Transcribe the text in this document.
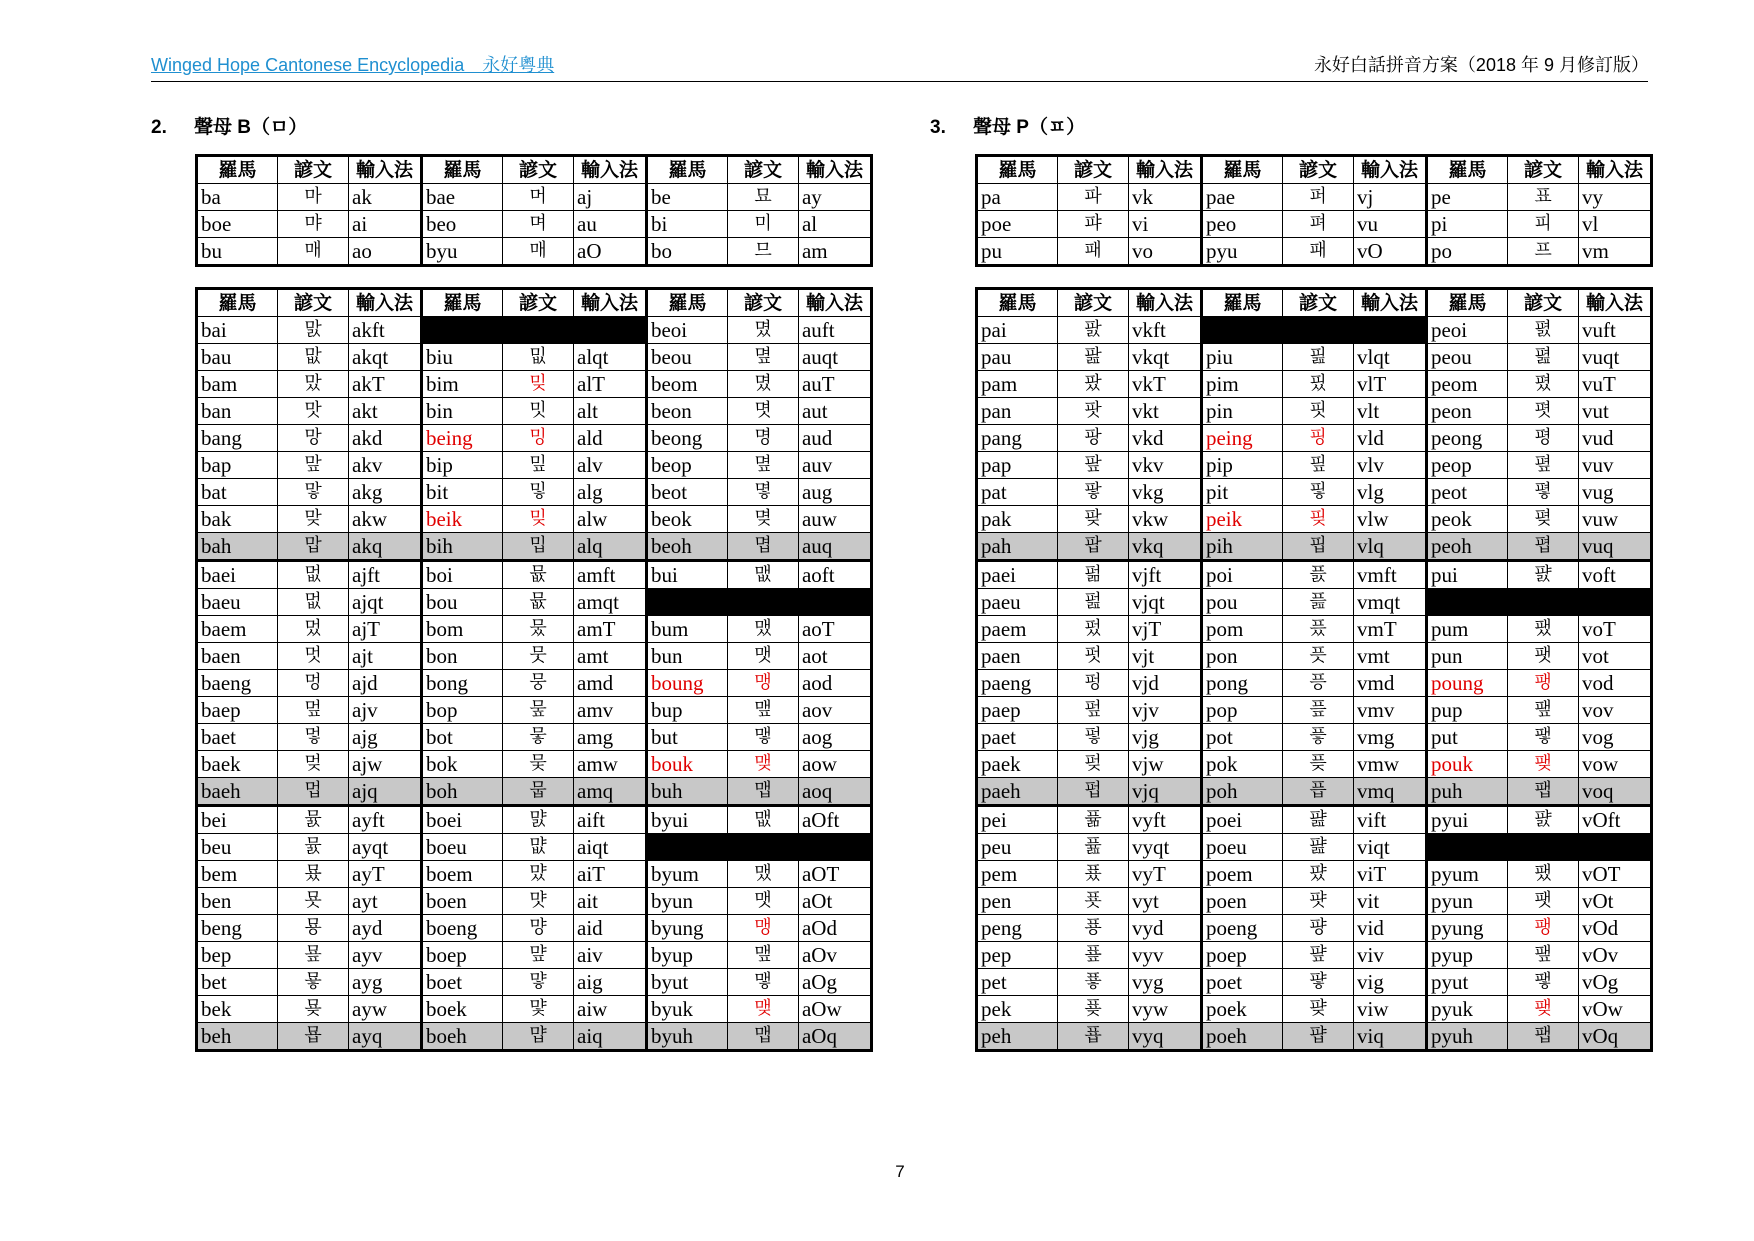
Winged Hope Cantonese Encyclopedia　永好粵典	永好白話拼音方案（2018 年 9 月修訂版）
2. 聲母 B（ㅁ）	3. 聲母 P（ㅍ）
羅馬	諺文	輸入法	羅馬	諺文	輸入法	羅馬	諺文	輸入法
ba	마	ak	bae	머	aj	be	묘	ay
boe	먀	ai	beo	며	au	bi	미	al
bu	매	ao	byu	매	aO	bo	므	am
羅馬	諺文	輸入法	羅馬	諺文	輸入法	羅馬	諺文	輸入法
bai	맔	akft				beoi	몄	auft
bau	맚	akqt	biu	밊	alqt	beou	몊	auqt
bam	맜	akT	bim	밎	alT	beom	몄	auT
ban	맛	akt	bin	밋	alt	beon	몃	aut
bang	망	akd	being	밍	ald	beong	명	aud
bap	맢	akv	bip	밒	alv	beop	몊	auv
bat	맣	akg	bit	밓	alg	beot	몋	aug
bak	맞	akw	beik	밎	alw	beok	몆	auw
bah	맙	akq	bih	밉	alq	beoh	몁	auq
baei	멊	ajft	boi	뮶	amft	bui	맶	aoft
baeu	멊	ajqt	bou	뮶	amqt			
baem	멌	ajT	bom	뭈	amT	bum	맸	aoT
baen	멋	ajt	bon	뭇	amt	bun	맷	aot
baeng	멍	ajd	bong	뭉	amd	boung	맹	aod
baep	멒	ajv	bop	뭎	amv	bup	맾	aov
baet	멓	ajg	bot	뭏	amg	but	맿	aog
baek	멎	ajw	bok	뭊	amw	bouk	맺	aow
baeh	멉	ajq	boh	뭅	amq	buh	맵	aoq
bei	뮰	ayft	boei	먌	aift	byui	맶	aOft
beu	뮰	ayqt	boeu	먒	aiqt			
bem	묬	ayT	boem	먔	aiT	byum	맸	aOT
ben	묫	ayt	boen	먓	ait	byun	맷	aOt
beng	묭	ayd	boeng	먕	aid	byung	맹	aOd
bep	묲	ayv	boep	먚	aiv	byup	맾	aOv
bet	묳	ayg	boet	먛	aig	byut	맿	aOg
bek	묮	ayw	boek	먗	aiw	byuk	맺	aOw
beh	묩	ayq	boeh	먑	aiq	byuh	맵	aOq
羅馬	諺文	輸入法	羅馬	諺文	輸入法	羅馬	諺文	輸入法
pa	파	vk	pae	퍼	vj	pe	표	vy
poe	퍄	vi	peo	펴	vu	pi	피	vl
pu	패	vo	pyu	패	vO	po	프	vm
羅馬	諺文	輸入法	羅馬	諺文	輸入法	羅馬	諺文	輸入法
pai	팘	vkft				peoi	폀	vuft
pau	팚	vkqt	piu	핊	vlqt	peou	폂	vuqt
pam	팠	vkT	pim	핐	vlT	peom	폈	vuT
pan	팟	vkt	pin	핏	vlt	peon	폇	vut
pang	팡	vkd	peing	핑	vld	peong	평	vud
pap	팦	vkv	pip	핖	vlv	peop	폎	vuv
pat	팧	vkg	pit	핗	vlg	peot	폏	vug
pak	팢	vkw	peik	핒	vlw	peok	폊	vuw
pah	팝	vkq	pih	핍	vlq	peoh	폅	vuq
paei	펆	vjft	poi	픐	vmft	pui	퍐	voft
paeu	펊	vjqt	pou	픒	vmqt			
paem	펐	vjT	pom	픘	vmT	pum	팼	voT
paen	펏	vjt	pon	픗	vmt	pun	팻	vot
paeng	펑	vjd	pong	픙	vmd	poung	팽	vod
paep	펖	vjv	pop	픞	vmv	pup	퍂	vov
paet	펗	vjg	pot	픟	vmg	put	퍃	vog
paek	펒	vjw	pok	픚	vmw	pouk	팾	vow
paeh	펍	vjq	poh	픕	vmq	puh	팹	voq
pei	퓲	vyft	poei	퍒	vift	pyui	퍐	vOft
peu	퓶	vyqt	poeu	퍒	viqt			
pem	푰	vyT	poem	퍘	viT	pyum	팼	vOT
pen	푯	vyt	poen	퍗	vit	pyun	팻	vOt
peng	푱	vyd	poeng	퍙	vid	pyung	팽	vOd
pep	푶	vyv	poep	퍞	viv	pyup	퍂	vOv
pet	푷	vyg	poet	퍟	vig	pyut	퍃	vOg
pek	푲	vyw	poek	퍚	viw	pyuk	팾	vOw
peh	푭	vyq	poeh	퍕	viq	pyuh	팹	vOq
7
